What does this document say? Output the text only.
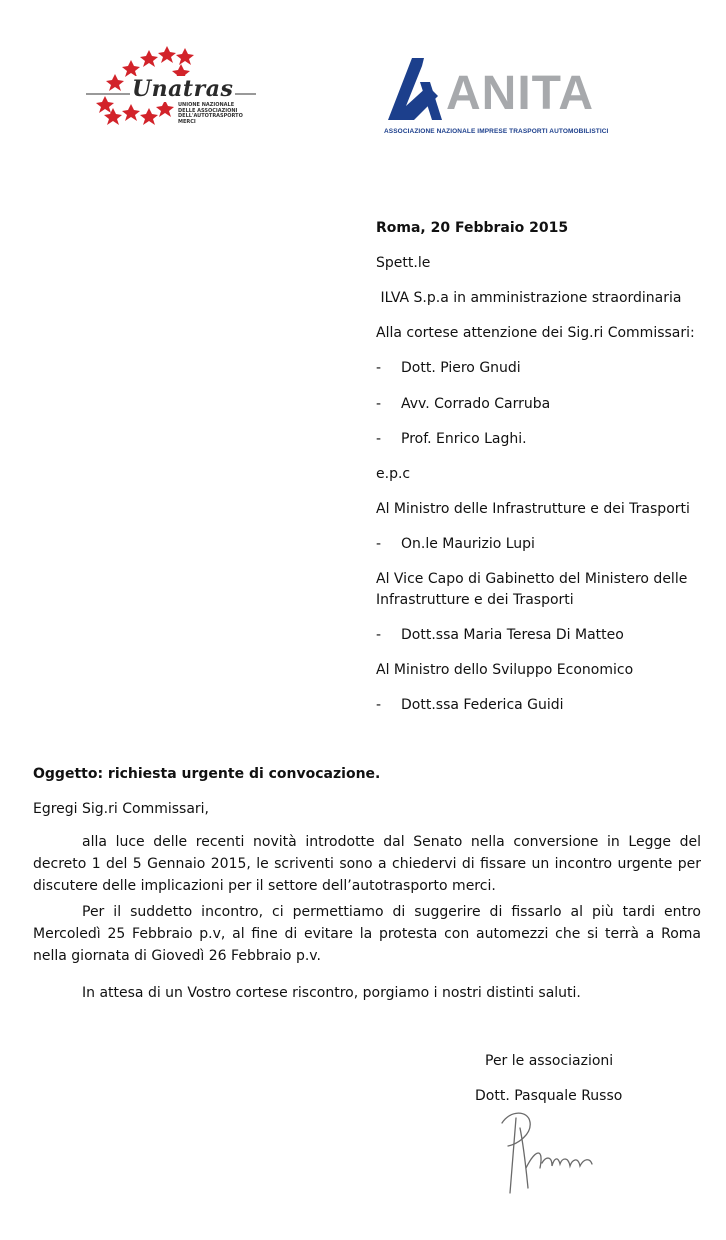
Unatras
UNIONE NAZIONALE
DELLE ASSOCIAZIONI
DELL'AUTOTRASPORTO
MERCI
ANITA
ASSOCIAZIONE NAZIONALE IMPRESE TRASPORTI AUTOMOBILISTICI
Roma, 20 Febbraio 2015
Spett.le
ILVA S.p.a in amministrazione straordinaria
Alla cortese attenzione dei Sig.ri Commissari:
- Dott. Piero Gnudi
- Avv. Corrado Carruba
- Prof. Enrico Laghi.
e.p.c
Al Ministro delle Infrastrutture e dei Trasporti
- On.le Maurizio Lupi
Al Vice Capo di Gabinetto del Ministero delle
Infrastrutture e dei Trasporti
- Dott.ssa Maria Teresa Di Matteo
Al Ministro dello Sviluppo Economico
- Dott.ssa Federica Guidi
Oggetto: richiesta urgente di convocazione.
Egregi Sig.ri Commissari,
alla luce delle recenti novità introdotte dal Senato nella conversione in Legge del decreto 1 del 5 Gennaio 2015, le scriventi sono a chiedervi di fissare un incontro urgente per discutere delle implicazioni per il settore dell’autotrasporto merci.
Per il suddetto incontro, ci permettiamo di suggerire di fissarlo al più tardi entro Mercoledì 25 Febbraio p.v, al fine di evitare la protesta con automezzi che si terrà a Roma nella giornata di Giovedì 26 Febbraio p.v.
In attesa di un Vostro cortese riscontro, porgiamo i nostri distinti saluti.
Per le associazioni
Dott. Pasquale Russo
